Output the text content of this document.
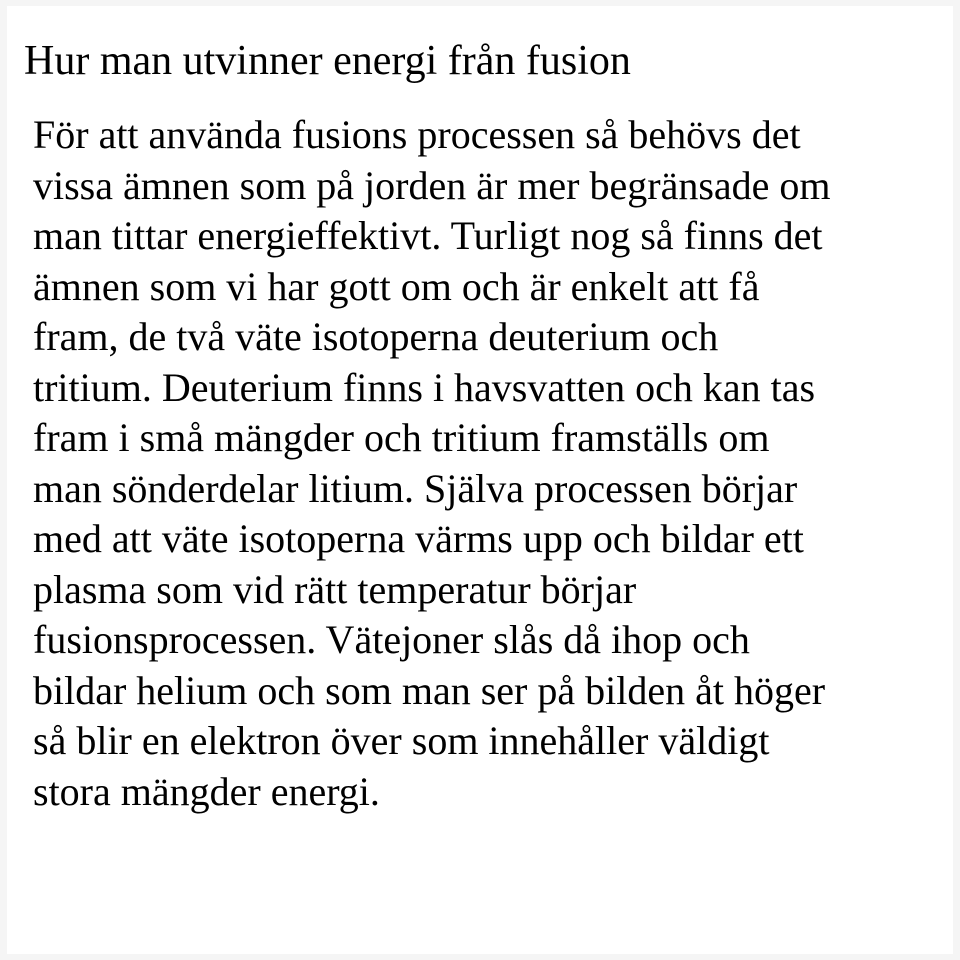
Hur man utvinner energi från fusion

För att använda fusions processen så behövs det
vissa ämnen som på jorden är mer begränsade om
man tittar energieffektivt. Turligt nog så finns det
ämnen som vi har gott om och är enkelt att få
fram, de två väte isotoperna deuterium och
tritium. Deuterium finns i havsvatten och kan tas
fram i små mängder och tritium framställs om
man sönderdelar litium. Själva processen börjar
med att väte isotoperna värms upp och bildar ett
plasma som vid rätt temperatur börjar
fusionsprocessen. Vätejoner slås då ihop och
bildar helium och som man ser på bilden åt höger
så blir en elektron över som innehåller väldigt
stora mängder energi.
